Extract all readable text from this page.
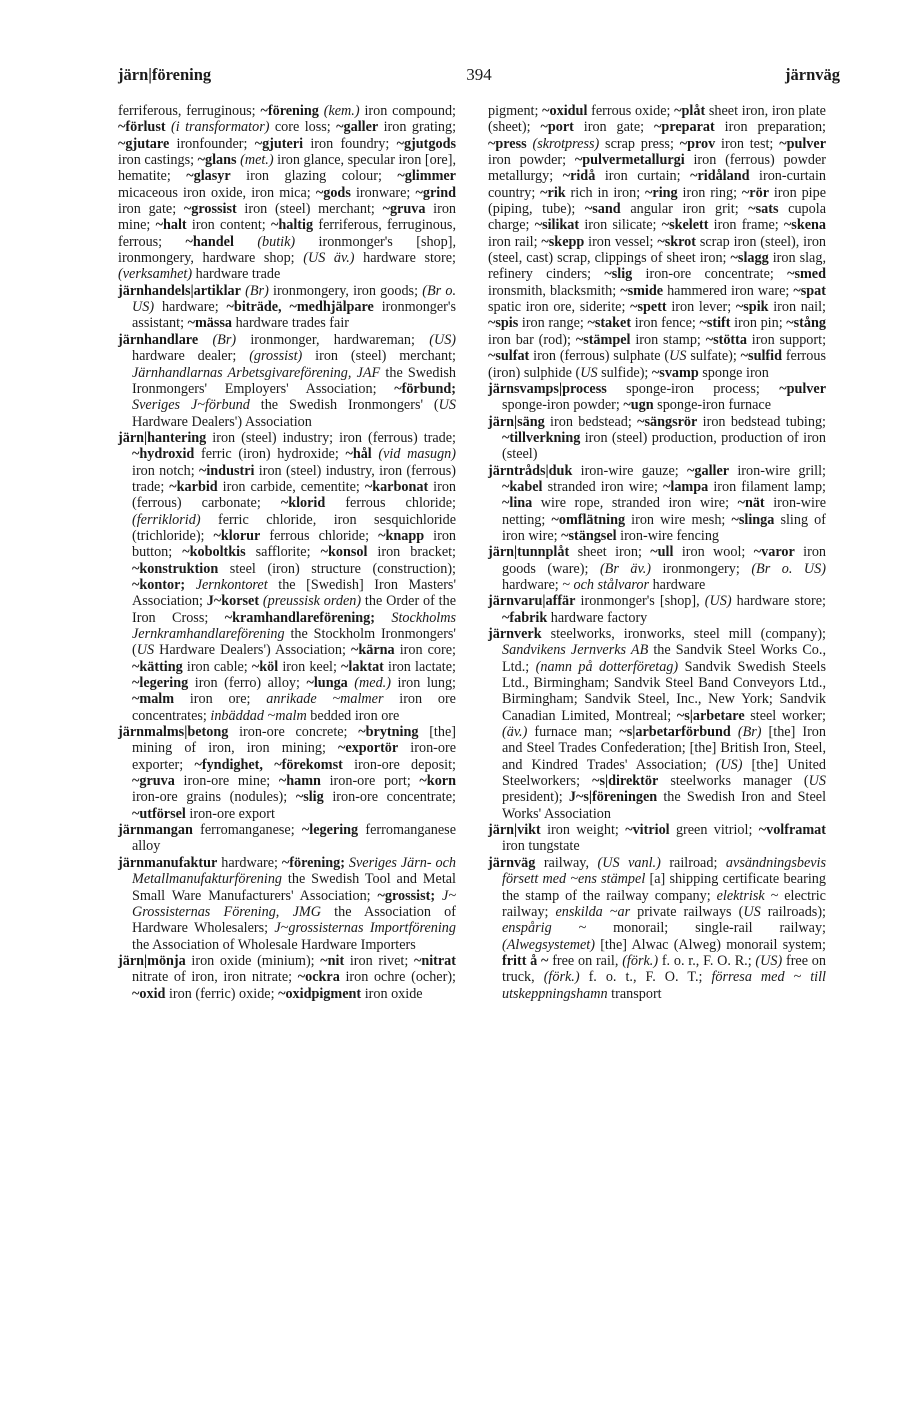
järn|förening	394	järnväg

ferriferous, ferruginous; ~förening (kem.) iron compound; ~förlust (i transformator) core loss; ~galler iron grating; ~gjutare ironfounder; ~gjuteri iron foundry; ~gjutgods iron castings; ~glans (met.) iron glance, specular iron [ore], hematite; ~glasyr iron glazing colour; ~glimmer micaceous iron oxide, iron mica; ~gods ironware; ~grind iron gate; ~grossist iron (steel) merchant; ~gruva iron mine; ~halt iron content; ~haltig ferriferous, ferruginous, ferrous; ~handel (butik) ironmonger's [shop], ironmongery, hardware shop; (US äv.) hardware store; (verksamhet) hardware trade

järnhandels|artiklar (Br) ironmongery, iron goods; (Br o. US) hardware; ~biträde, ~medhjälpare ironmonger's assistant; ~mässa hardware trades fair

järnhandlare (Br) ironmonger, hardwareman; (US) hardware dealer; (grossist) iron (steel) merchant; Järnhandlarnas Arbetsgivareförening, JAF the Swedish Ironmongers' Employers' Association; ~förbund; Sveriges J~förbund the Swedish Ironmongers' (US Hardware Dealers') Association

järn|hantering iron (steel) industry; iron (ferrous) trade; ~hydroxid ferric (iron) hydroxide; ~hål (vid masugn) iron notch; ~industri iron (steel) industry, iron (ferrous) trade; ~karbid iron carbide, cementite; ~karbonat iron (ferrous) carbonate; ~klorid ferrous chloride; (ferriklorid) ferric chloride, iron sesquichloride (trichloride); ~klorur ferrous chloride; ~knapp iron button; ~koboltkis safflorite; ~konsol iron bracket; ~konstruktion steel (iron) structure (construction); ~kontor; Jernkontoret the [Swedish] Iron Masters' Association; J~korset (preussisk orden) the Order of the Iron Cross; ~kramhandlareförening; Stockholms Jernkramhandlareförening the Stockholm Ironmongers' (US Hardware Dealers') Association; ~kärna iron core; ~kätting iron cable; ~köl iron keel; ~laktat iron lactate; ~legering iron (ferro) alloy; ~lunga (med.) iron lung; ~malm iron ore; anrikade ~malmer iron ore concentrates; inbäddad ~malm bedded iron ore

järnmalms|betong iron-ore concrete; ~brytning [the] mining of iron, iron mining; ~exportör iron-ore exporter; ~fyndighet, ~förekomst iron-ore deposit; ~gruva iron-ore mine; ~hamn iron-ore port; ~korn iron-ore grains (nodules); ~slig iron-ore concentrate; ~utförsel iron-ore export

järnmangan ferromanganese; ~legering ferromanganese alloy

järnmanufaktur hardware; ~förening; Sveriges Järn- och Metallmanufakturförening the Swedish Tool and Metal Small Ware Manufacturers' Association; ~grossist; J~ Grossisternas Förening, JMG the Association of Hardware Wholesalers; J~grossisternas Importförening the Association of Wholesale Hardware Importers

järn|mönja iron oxide (minium); ~nit iron rivet; ~nitrat nitrate of iron, iron nitrate; ~ockra iron ochre (ocher); ~oxid iron (ferric) oxide; ~oxidpigment iron oxide

pigment; ~oxidul ferrous oxide; ~plåt sheet iron, iron plate (sheet); ~port iron gate; ~preparat iron preparation; ~press (skrotpress) scrap press; ~prov iron test; ~pulver iron powder; ~pulvermetallurgi iron (ferrous) powder metallurgy; ~ridå iron curtain; ~ridåland iron-curtain country; ~rik rich in iron; ~ring iron ring; ~rör iron pipe (piping, tube); ~sand angular iron grit; ~sats cupola charge; ~silikat iron silicate; ~skelett iron frame; ~skena iron rail; ~skepp iron vessel; ~skrot scrap iron (steel), iron (steel, cast) scrap, clippings of sheet iron; ~slagg iron slag, refinery cinders; ~slig iron-ore concentrate; ~smed ironsmith, blacksmith; ~smide hammered iron ware; ~spat spatic iron ore, siderite; ~spett iron lever; ~spik iron nail; ~spis iron range; ~staket iron fence; ~stift iron pin; ~stång iron bar (rod); ~stämpel iron stamp; ~stötta iron support; ~sulfat iron (ferrous) sulphate (US sulfate); ~sulfid ferrous (iron) sulphide (US sulfide); ~svamp sponge iron

järnsvamps|process sponge-iron process; ~pulver sponge-iron powder; ~ugn sponge-iron furnace

järn|säng iron bedstead; ~sängsrör iron bedstead tubing; ~tillverkning iron (steel) production, production of iron (steel)

järntråds|duk iron-wire gauze; ~galler iron-wire grill; ~kabel stranded iron wire; ~lampa iron filament lamp; ~lina wire rope, stranded iron wire; ~nät iron-wire netting; ~omflätning iron wire mesh; ~slinga sling of iron wire; ~stängsel iron-wire fencing

järn|tunnplåt sheet iron; ~ull iron wool; ~varor iron goods (ware); (Br äv.) ironmongery; (Br o. US) hardware; ~ och stålvaror hardware

järnvaru|affär ironmonger's [shop], (US) hardware store; ~fabrik hardware factory

järnverk steelworks, ironworks, steel mill (company); Sandvikens Jernverks AB the Sandvik Steel Works Co., Ltd.; (namn på dotterföretag) Sandvik Swedish Steels Ltd., Birmingham; Sandvik Steel Band Conveyors Ltd., Birmingham; Sandvik Steel, Inc., New York; Sandvik Canadian Limited, Montreal; ~s|arbetare steel worker; (äv.) furnace man; ~s|arbetarförbund (Br) [the] Iron and Steel Trades Confederation; [the] British Iron, Steel, and Kindred Trades' Association; (US) [the] United Steelworkers; ~s|direktör steelworks manager (US president); J~s|föreningen the Swedish Iron and Steel Works' Association

järn|vikt iron weight; ~vitriol green vitriol; ~volframat iron tungstate

järnväg railway, (US vanl.) railroad; avsändningsbevis försett med ~ens stämpel [a] shipping certificate bearing the stamp of the railway company; elektrisk ~ electric railway; enskilda ~ar private railways (US railroads); enspårig ~ monorail; single-rail railway; (Alwegsystemet) [the] Alwac (Alweg) monorail system; fritt å ~ free on rail, (förk.) f. o. r., F. O. R.; (US) free on truck, (förk.) f. o. t., F. O. T.; förresa med ~ till utskeppningshamn transport
